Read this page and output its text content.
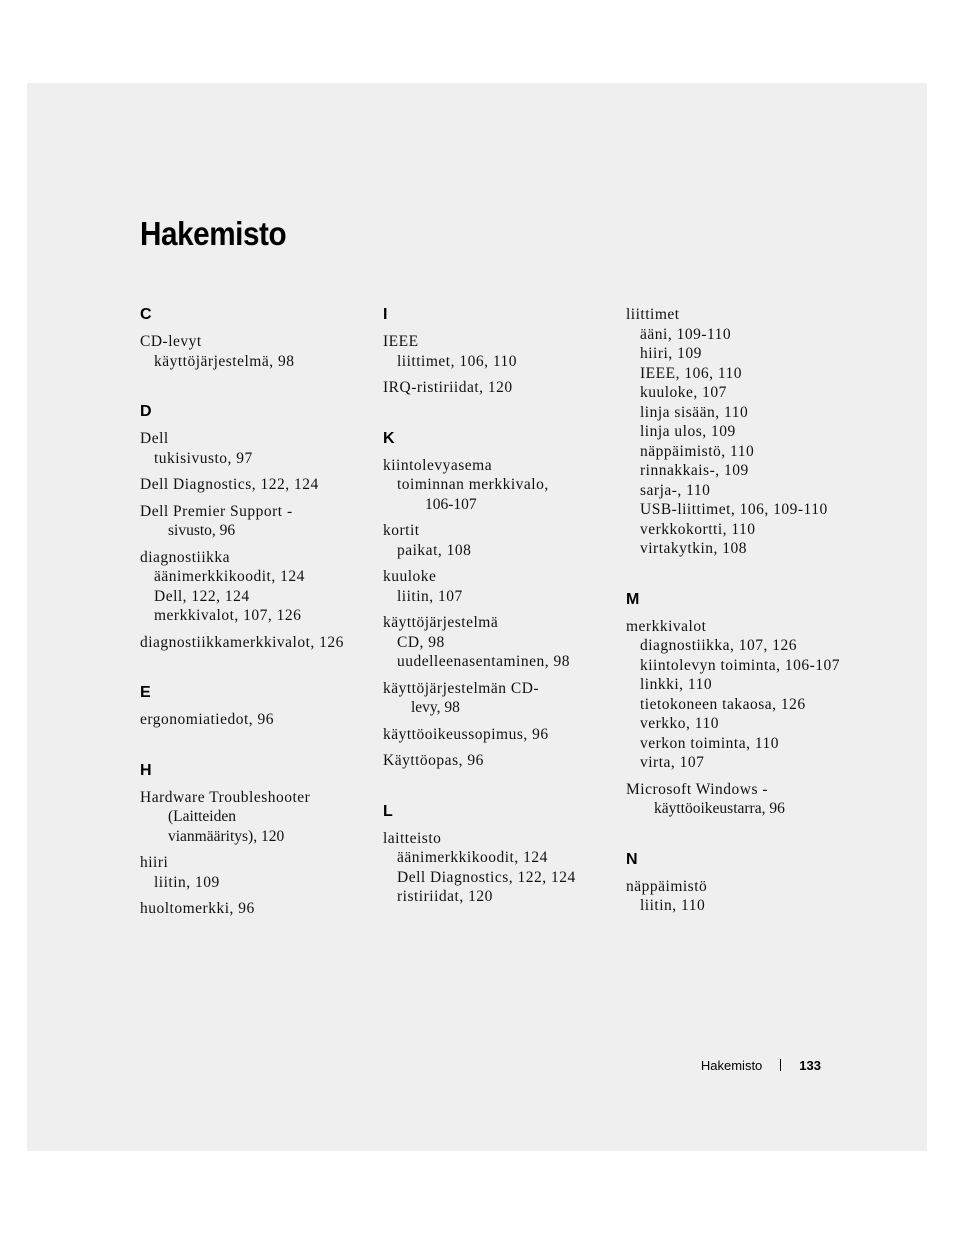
Hakemisto
C
CD-levyt
käyttöjärjestelmä, 98
D
Dell
tukisivusto, 97
Dell Diagnostics, 122, 124
Dell Premier Support -
sivusto, 96
diagnostiikka
äänimerkkikoodit, 124
Dell, 122, 124
merkkivalot, 107, 126
diagnostiikkamerkkivalot, 126
E
ergonomiatiedot, 96
H
Hardware Troubleshooter
(Laitteiden
vianmääritys), 120
hiiri
liitin, 109
huoltomerkki, 96
I
IEEE
liittimet, 106, 110
IRQ-ristiriidat, 120
K
kiintolevyasema
toiminnan merkkivalo,
106-107
kortit
paikat, 108
kuuloke
liitin, 107
käyttöjärjestelmä
CD, 98
uudelleenasentaminen, 98
käyttöjärjestelmän CD-
levy, 98
käyttöoikeussopimus, 96
Käyttöopas, 96
L
laitteisto
äänimerkkikoodit, 124
Dell Diagnostics, 122, 124
ristiriidat, 120
liittimet
ääni, 109-110
hiiri, 109
IEEE, 106, 110
kuuloke, 107
linja sisään, 110
linja ulos, 109
näppäimistö, 110
rinnakkais-, 109
sarja-, 110
USB-liittimet, 106, 109-110
verkkokortti, 110
virtakytkin, 108
M
merkkivalot
diagnostiikka, 107, 126
kiintolevyn toiminta, 106-107
linkki, 110
tietokoneen takaosa, 126
verkko, 110
verkon toiminta, 110
virta, 107
Microsoft Windows -
käyttöoikeustarra, 96
N
näppäimistö
liitin, 110
Hakemisto	133
